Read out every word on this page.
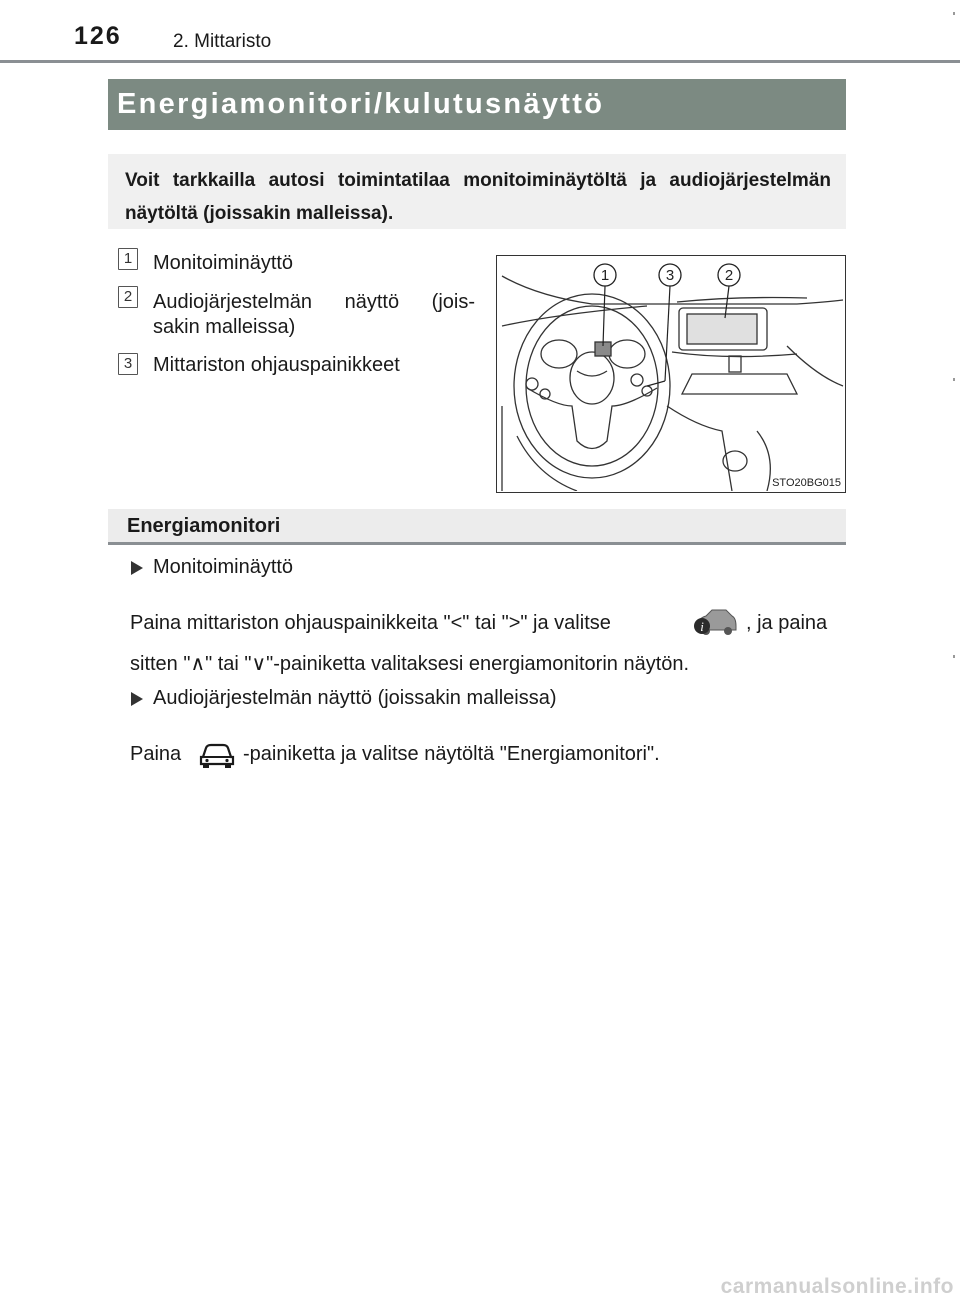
126	2. Mittaristo
Energiamonitori/kulutusnäyttö
Voit tarkkailla autosi toimintatilaa monitoiminäytöltä ja audiojärjestelmän näytöltä (joissakin malleissa).
1 Monitoiminäyttö
2 Audiojärjestelmän näyttö (jois-
sakin malleissa)
3 Mittariston ohjauspainikkeet
1	3	2
STO20BG015
Energiamonitori
Monitoiminäyttö
Paina mittariston ohjauspainikkeita "<" tai ">" ja valitse	i , ja paina
sitten "∧" tai "∨"-painiketta valitaksesi energiamonitorin näytön.
Audiojärjestelmän näyttö (joissakin malleissa)
Paina	-painiketta ja valitse näytöltä "Energiamonitori".
carmanualsonline.info
